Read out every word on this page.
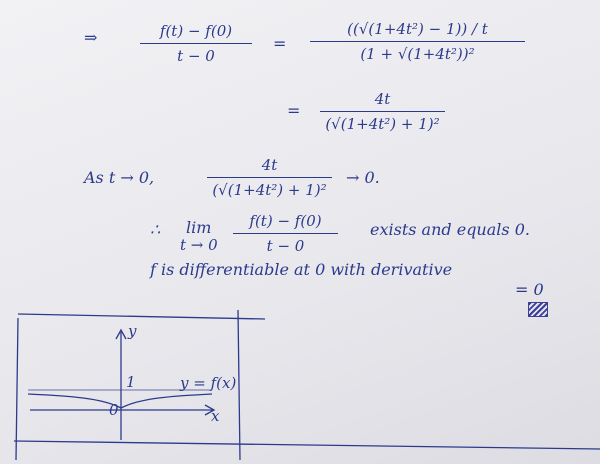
⇒	f(t) − f(0)
t − 0
=
((√(1+4t²) − 1)) / t
(1 + √(1+4t²))²
=
4t
(√(1+4t²) + 1)²
As t → 0,
4t
(√(1+4t²) + 1)²
→ 0.
∴ lim
t → 0
f(t) − f(0)
t − 0
exists and equals 0.
f is differentiable at 0 with derivative
= 0
y
x
1
0
y = f(x)
